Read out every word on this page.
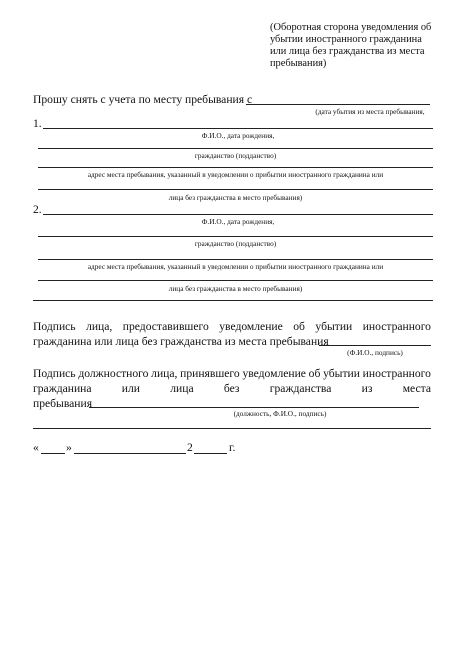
(Оборотная сторона уведомления об
убытии иностранного гражданина
или лица без гражданства из места
пребывания)
Прошу снять с учета по месту пребывания с
(дата убытия из места пребывания,
1.
Ф.И.О., дата рождения,
гражданство (подданство)
адрес места пребывания, указанный в уведомлении о прибытии иностранного гражданина или
лица без гражданства в место пребывания)
2.
Ф.И.О., дата рождения,
гражданство (подданство)
адрес места пребывания, указанный в уведомлении о прибытии иностранного гражданина или
лица без гражданства в место пребывания)
Подпись лица, предоставившего уведомление об убытии иностранного
гражданина или лица без гражданства из места пребывания
(Ф.И.О., подпись)
Подпись должностного лица, принявшего уведомление об убытии иностранного
гражданина	или	лица	без	гражданства	из	места
пребывания
(должность, Ф.И.О., подпись)
« »	2	г.
